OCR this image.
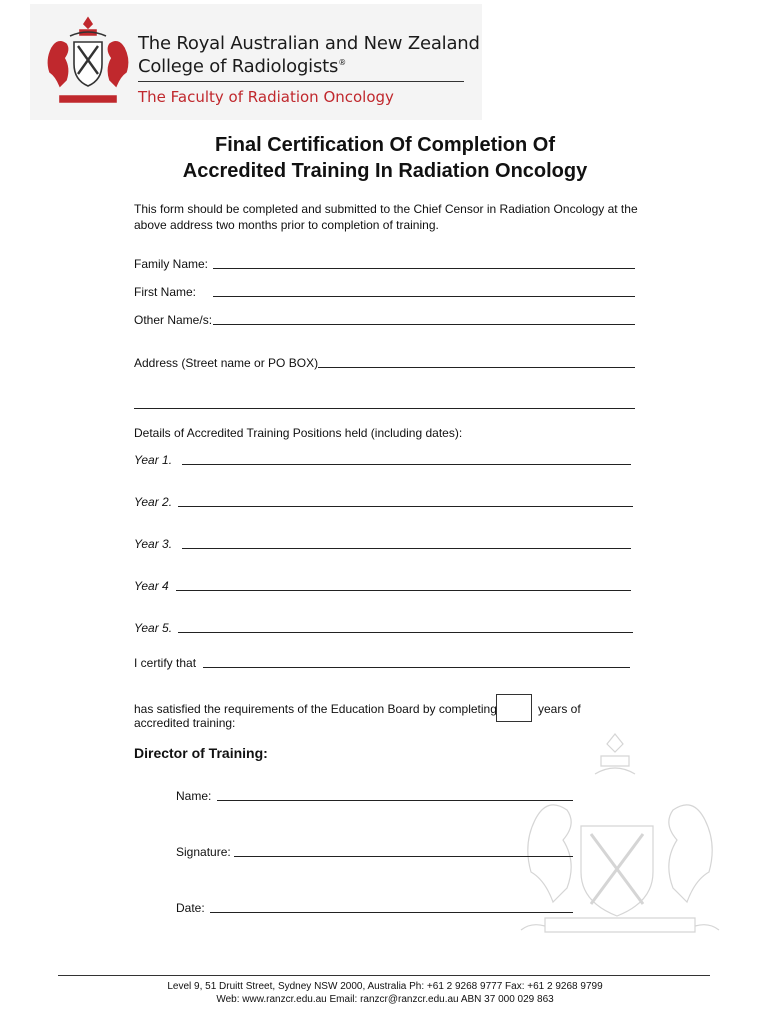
The Royal Australian and New Zealand
College of Radiologists®
The Faculty of Radiation Oncology
Final Certification Of Completion Of
Accredited Training In Radiation Oncology
This form should be completed and submitted to the Chief Censor in Radiation Oncology at the above address two months prior to completion of training.
Family Name:
First Name:
Other Name/s:
Address (Street name or PO BOX)
Details of Accredited Training Positions held (including dates):
Year 1.
Year 2.
Year 3.
Year 4
Year 5.
I certify that
has satisfied the requirements of the Education Board by completing
accredited training:
years of
Director of Training:
Name:
Signature:
Date:
Level 9, 51 Druitt Street, Sydney NSW 2000, Australia Ph: +61 2 9268 9777 Fax: +61 2 9268 9799
Web: www.ranzcr.edu.au Email: ranzcr@ranzcr.edu.au ABN 37 000 029 863
